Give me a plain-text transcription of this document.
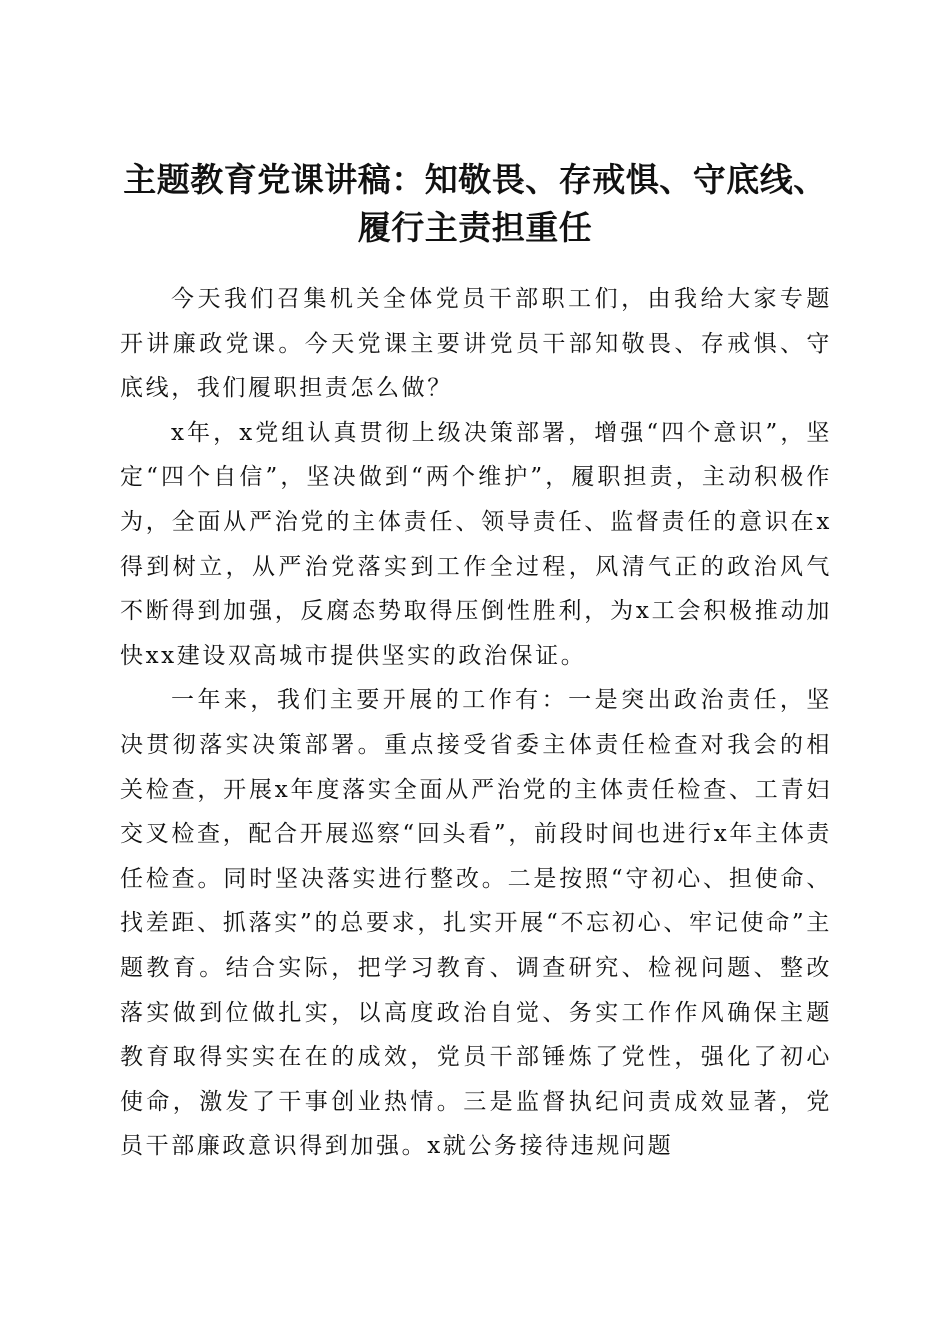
主题教育党课讲稿：知敬畏、存戒惧、守底线、
履行主责担重任

今天我们召集机关全体党员干部职工们，由我给大家专题开讲廉政党课。今天党课主要讲党员干部知敬畏、存戒惧、守底线，我们履职担责怎么做？

x年，x党组认真贯彻上级决策部署，增强“四个意识”，坚定“四个自信”，坚决做到“两个维护”，履职担责，主动积极作为，全面从严治党的主体责任、领导责任、监督责任的意识在x得到树立，从严治党落实到工作全过程，风清气正的政治风气不断得到加强，反腐态势取得压倒性胜利，为x工会积极推动加快xx建设双高城市提供坚实的政治保证。

一年来，我们主要开展的工作有：一是突出政治责任，坚决贯彻落实决策部署。重点接受省委主体责任检查对我会的相关检查，开展x年度落实全面从严治党的主体责任检查、工青妇交叉检查，配合开展巡察“回头看”，前段时间也进行x年主体责任检查。同时坚决落实进行整改。二是按照“守初心、担使命、找差距、抓落实”的总要求，扎实开展“不忘初心、牢记使命”主题教育。结合实际，把学习教育、调查研究、检视问题、整改落实做到位做扎实，以高度政治自觉、务实工作作风确保主题教育取得实实在在的成效，党员干部锤炼了党性，强化了初心使命，激发了干事创业热情。三是监督执纪问责成效显著，党员干部廉政意识得到加强。x就公务接待违规问题
